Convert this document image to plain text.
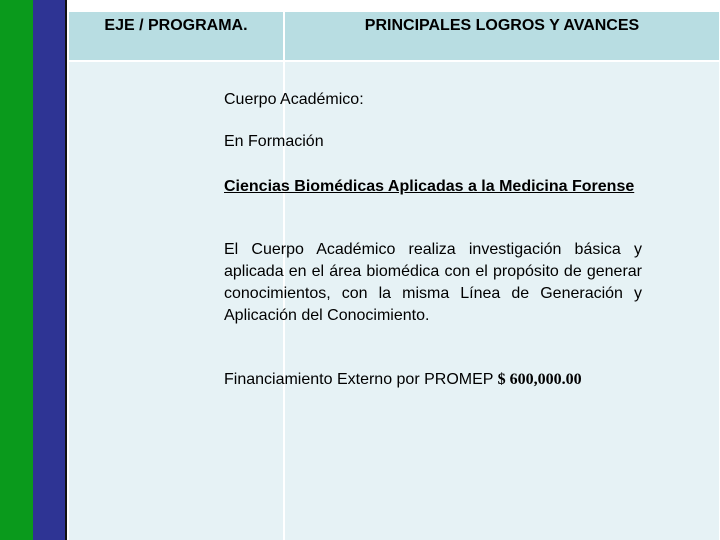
EJE / PROGRAMA.	PRINCIPALES LOGROS Y AVANCES
Cuerpo Académico:
En Formación
Ciencias Biomédicas Aplicadas a la Medicina Forense
El Cuerpo Académico realiza investigación básica y aplicada en el área biomédica con el propósito de generar conocimientos, con la misma Línea de Generación y Aplicación del Conocimiento.
Financiamiento Externo por PROMEP $ 600,000.00
